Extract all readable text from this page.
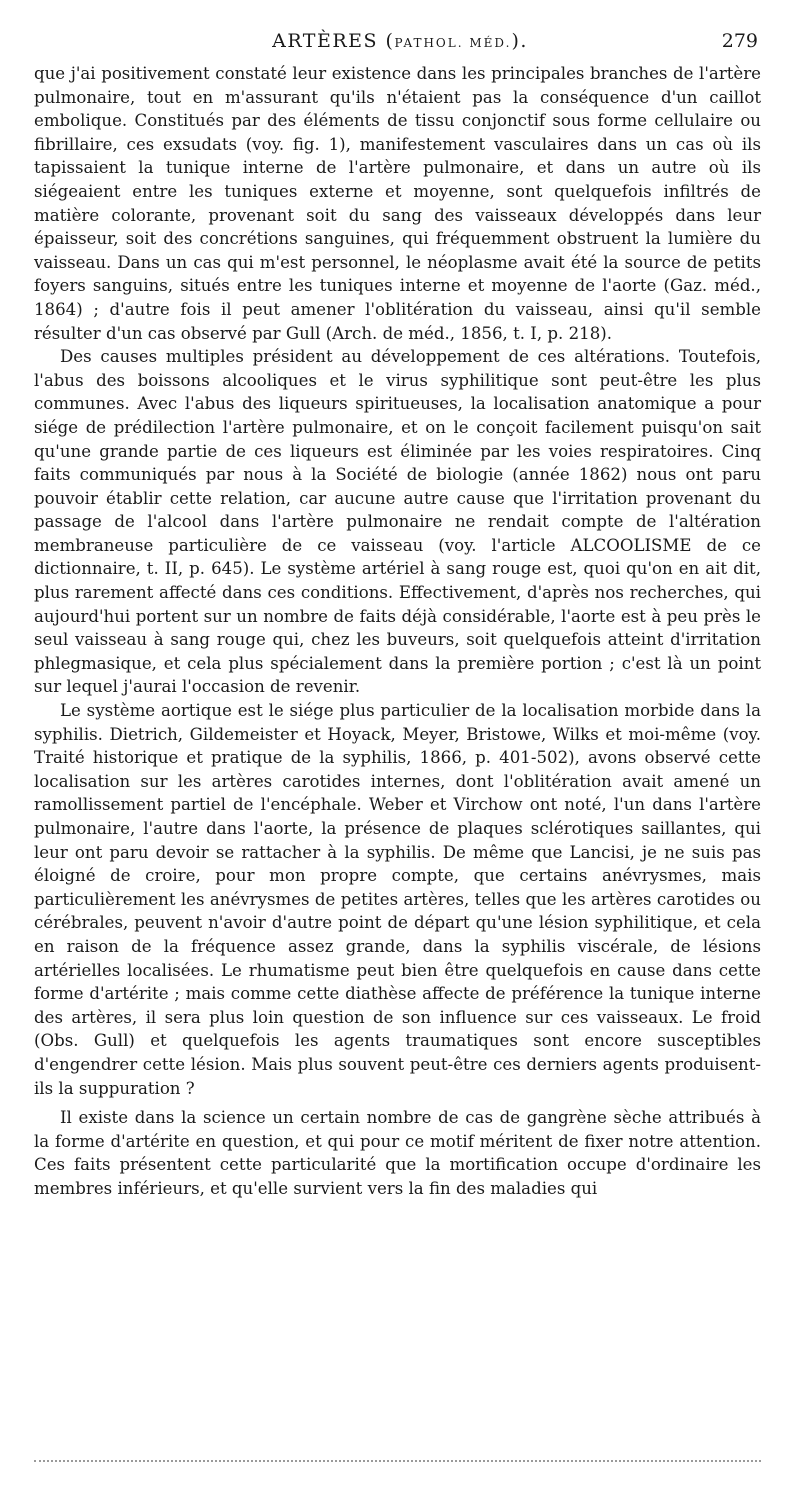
ARTÈRES (PATHOL. MÉD.).	279

que j'ai positivement constaté leur existence dans les principales branches de l'artère pulmonaire, tout en m'assurant qu'ils n'étaient pas la conséquence d'un caillot embolique. Constitués par des éléments de tissu conjonctif sous forme cellulaire ou fibrillaire, ces exsudats (voy. fig. 1), manifestement vasculaires dans un cas où ils tapissaient la tunique interne de l'artère pulmonaire, et dans un autre où ils siégeaient entre les tuniques externe et moyenne, sont quelquefois infiltrés de matière colorante, provenant soit du sang des vaisseaux développés dans leur épaisseur, soit des concrétions sanguines, qui fréquemment obstruent la lumière du vaisseau. Dans un cas qui m'est personnel, le néoplasme avait été la source de petits foyers sanguins, situés entre les tuniques interne et moyenne de l'aorte (Gaz. méd., 1864) ; d'autre fois il peut amener l'oblitération du vaisseau, ainsi qu'il semble résulter d'un cas observé par Gull (Arch. de méd., 1856, t. I, p. 218).

Des causes multiples président au développement de ces altérations. Toutefois, l'abus des boissons alcooliques et le virus syphilitique sont peut-être les plus communes. Avec l'abus des liqueurs spiritueuses, la localisation anatomique a pour siége de prédilection l'artère pulmonaire, et on le conçoit facilement puisqu'on sait qu'une grande partie de ces liqueurs est éliminée par les voies respiratoires. Cinq faits communiqués par nous à la Société de biologie (année 1862) nous ont paru pouvoir établir cette relation, car aucune autre cause que l'irritation provenant du passage de l'alcool dans l'artère pulmonaire ne rendait compte de l'altération membraneuse particulière de ce vaisseau (voy. l'article ALCOOLISME de ce dictionnaire, t. II, p. 645). Le système artériel à sang rouge est, quoi qu'on en ait dit, plus rarement affecté dans ces conditions. Effectivement, d'après nos recherches, qui aujourd'hui portent sur un nombre de faits déjà considérable, l'aorte est à peu près le seul vaisseau à sang rouge qui, chez les buveurs, soit quelquefois atteint d'irritation phlegmasique, et cela plus spécialement dans la première portion ; c'est là un point sur lequel j'aurai l'occasion de revenir.

Le système aortique est le siége plus particulier de la localisation morbide dans la syphilis. Dietrich, Gildemeister et Hoyack, Meyer, Bristowe, Wilks et moi-même (voy. Traité historique et pratique de la syphilis, 1866, p. 401-502), avons observé cette localisation sur les artères carotides internes, dont l'oblitération avait amené un ramollissement partiel de l'encéphale. Weber et Virchow ont noté, l'un dans l'artère pulmonaire, l'autre dans l'aorte, la présence de plaques sclérotiques saillantes, qui leur ont paru devoir se rattacher à la syphilis. De même que Lancisi, je ne suis pas éloigné de croire, pour mon propre compte, que certains anévrysmes, mais particulièrement les anévrysmes de petites artères, telles que les artères carotides ou cérébrales, peuvent n'avoir d'autre point de départ qu'une lésion syphilitique, et cela en raison de la fréquence assez grande, dans la syphilis viscérale, de lésions artérielles localisées. Le rhumatisme peut bien être quelquefois en cause dans cette forme d'artérite ; mais comme cette diathèse affecte de préférence la tunique interne des artères, il sera plus loin question de son influence sur ces vaisseaux. Le froid (Obs. Gull) et quelquefois les agents traumatiques sont encore susceptibles d'engendrer cette lésion. Mais plus souvent peut-être ces derniers agents produisent-ils la suppuration ?

Il existe dans la science un certain nombre de cas de gangrène sèche attribués à la forme d'artérite en question, et qui pour ce motif méritent de fixer notre attention. Ces faits présentent cette particularité que la mortification occupe d'ordinaire les membres inférieurs, et qu'elle survient vers la fin des maladies qui
